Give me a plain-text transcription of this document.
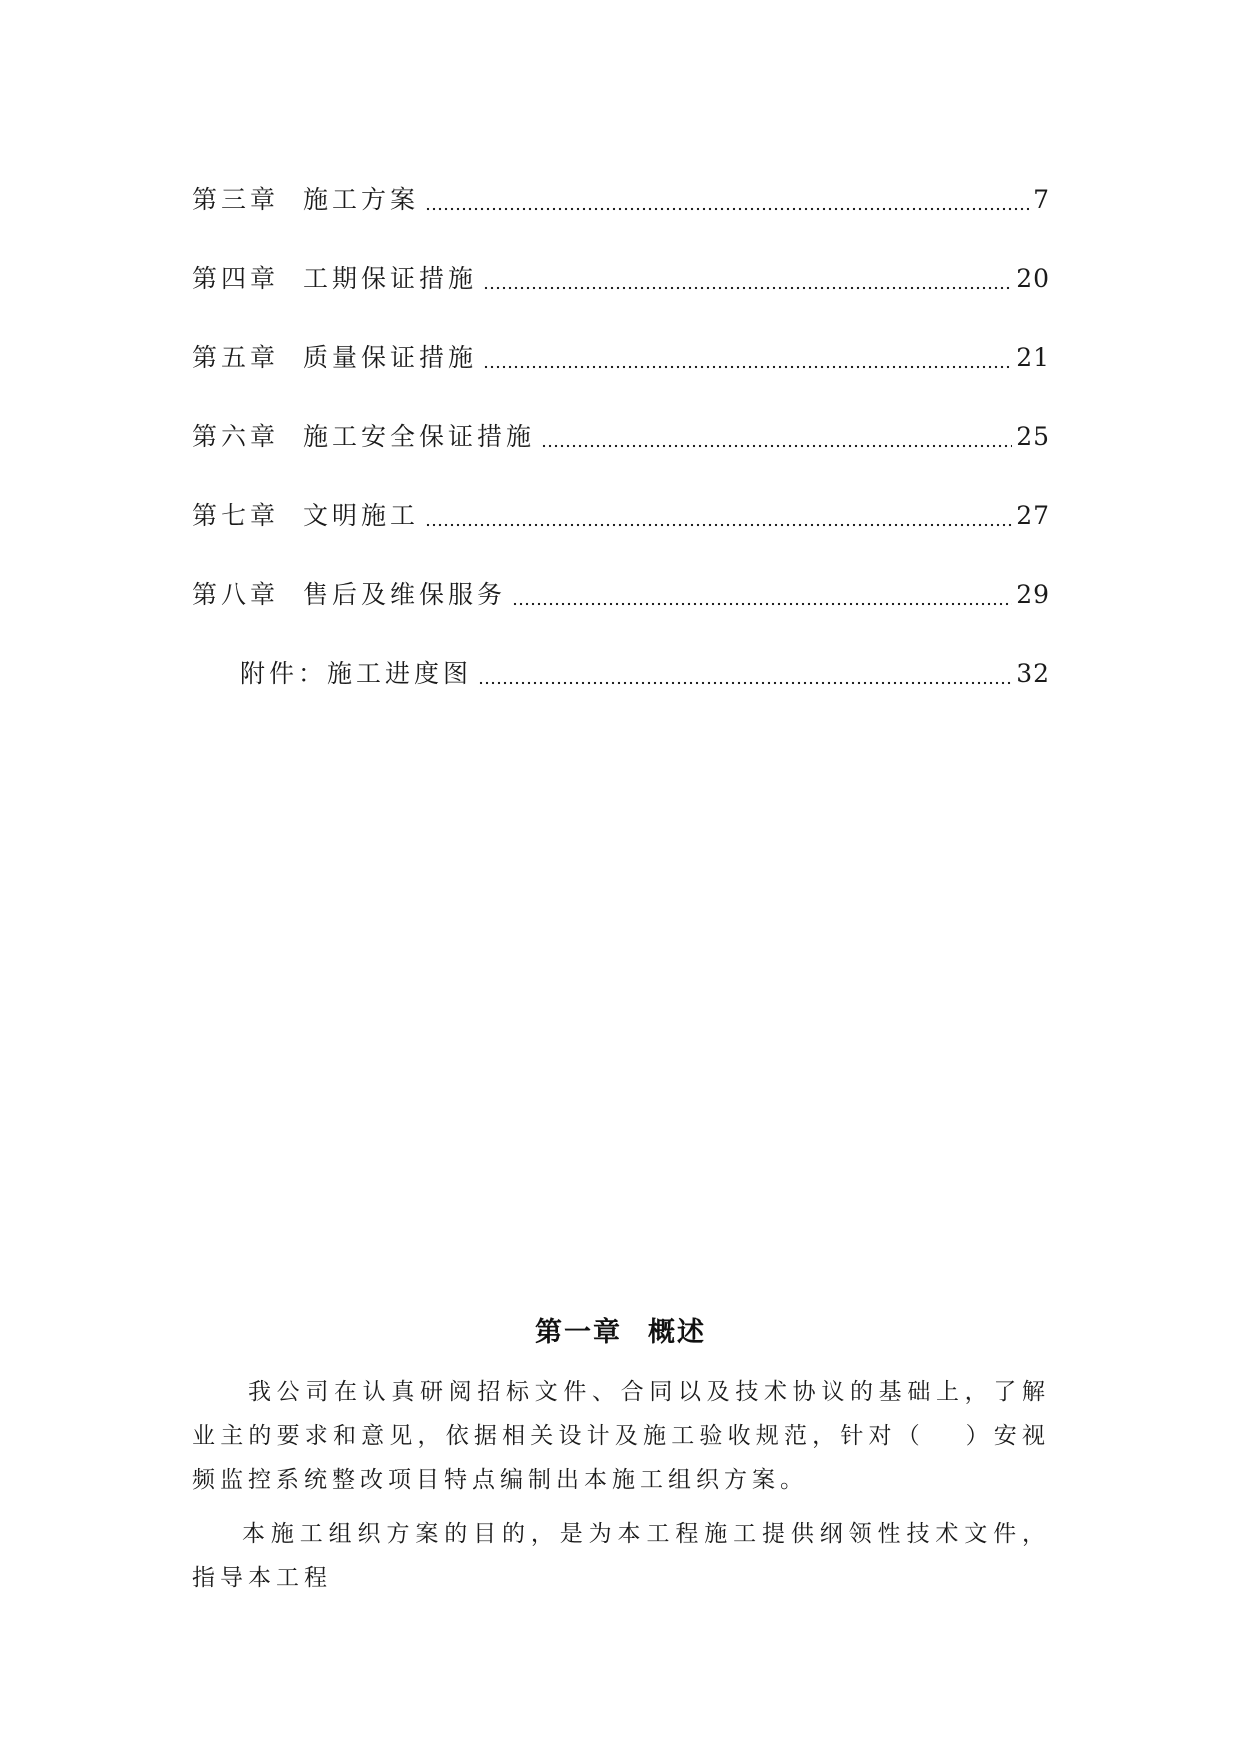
第三章 施工方案	7
第四章 工期保证措施	20
第五章 质量保证措施	21
第六章 施工安全保证措施	25
第七章 文明施工	27
第八章 售后及维保服务	29
附件：施工进度图	32
第一章 概述
我公司在认真研阅招标文件、合同以及技术协议的基础上，了解业主的要求和意见，依据相关设计及施工验收规范，针对（　 ）安视频监控系统整改项目特点编制出本施工组织方案。
本施工组织方案的目的，是为本工程施工提供纲领性技术文件，指导本工程
